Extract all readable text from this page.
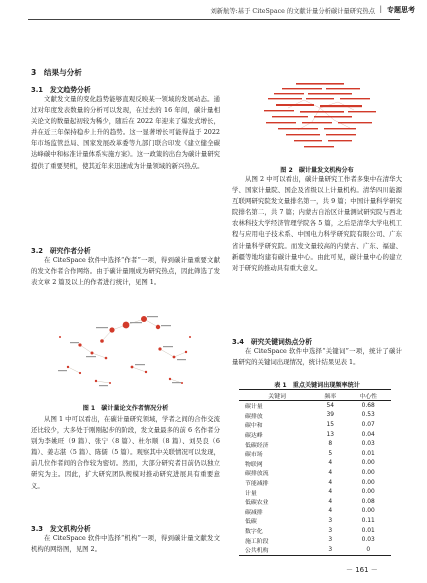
刘新航等:基于 CiteSpace 的文献计量分析碳计量研究热点 | 专题思考
3　结果与分析
3.1　发文趋势分析

文献发文量的变化趋势能够直观反映某一领域的发展动态。通过对年度发表数量的分析可以发现，在过去的 16 年间，碳计量相关论文的数量起初较为稀少，随后在 2022 年迎来了爆发式增长，并在近三年保持稳步上升的趋势。这一显著增长可能得益于 2022 年市场监管总局、国家发展改革委等九部门联合印发《建立健全碳达峰碳中和标准计量体系实施方案》。这一政策的出台为碳计量研究提供了重要契机，使其近年来迅速成为计量领域的新兴热点。

3.2　研究作者分析

在 CiteSpace 软件中选择“作者”一项，得到碳计量重要文献的发文作者合作网络。由于碳计量刚成为研究热点，因此筛选了发表文章 2 篇及以上的作者进行统计，见图 1。

图 1　碳计量论文作者情况分析

从图 1 中可以看出，在碳计量研究领域，学者之间的合作交流还比较少，大多处于刚刚起步的阶段，发文量最多的前 6 名作者分别为李姚旺（9 篇）、张宁（8 篇）、杜尔顺（8 篇）、刘昊良（6 篇）、姜志湛（5 篇）、陈儒（5 篇）。观察其中关联情况可以发现，前几位作者间的合作较为密切。然而，大部分研究者目前仍以独立研究为主。因此，扩大研究团队规模对推动研究进展具有重要意义。

3.3　发文机构分析

在 CiteSpace 软件中选择“机构”一项，得到碳计量文献发文机构的网络图，见图 2。

图 2　碳计量发文机构分布

从图 2 中可以看出，碳计量研究工作者多集中在清华大学、国家计量院、国企及省级以上计量机构。清华四川能源互联网研究院发文量排名第一，共 9 篇；中国计量科学研究院排名第二，共 7 篇；内蒙古自治区计量测试研究院与西北农林科技大学经济管理学院各 5 篇，之后是清华大学电机工程与应用电子技术系、中国电力科学研究院有限公司、广东省计量科学研究院。而发文量较高的内蒙古、广东、福建、新疆等地均建有碳计量中心。由此可见，碳计量中心的建立对于研究的推动具有重大意义。

3.4　研究关键词热点分析

在 CiteSpace 软件中选择“关键词”一项，统计了碳计量研究的关键词出现情况，统计结果见表 1。

表 1　重点关键词出现频率统计
关键词	频率	中心性
碳计量	54	0.68
碳排放	39	0.53
碳中和	15	0.07
碳达峰	13	0.04
低碳经济	8	0.03
碳市场	5	0.01
物联网	4	0.00
碳排放流	4	0.00
节能减排	4	0.00
计量	4	0.00
低碳农业	4	0.08
碳减排	4	0.00
低碳	3	0.11
数字化	3	0.01
施工阶段	3	0.03
公共机构	3	0
－ 161 －
